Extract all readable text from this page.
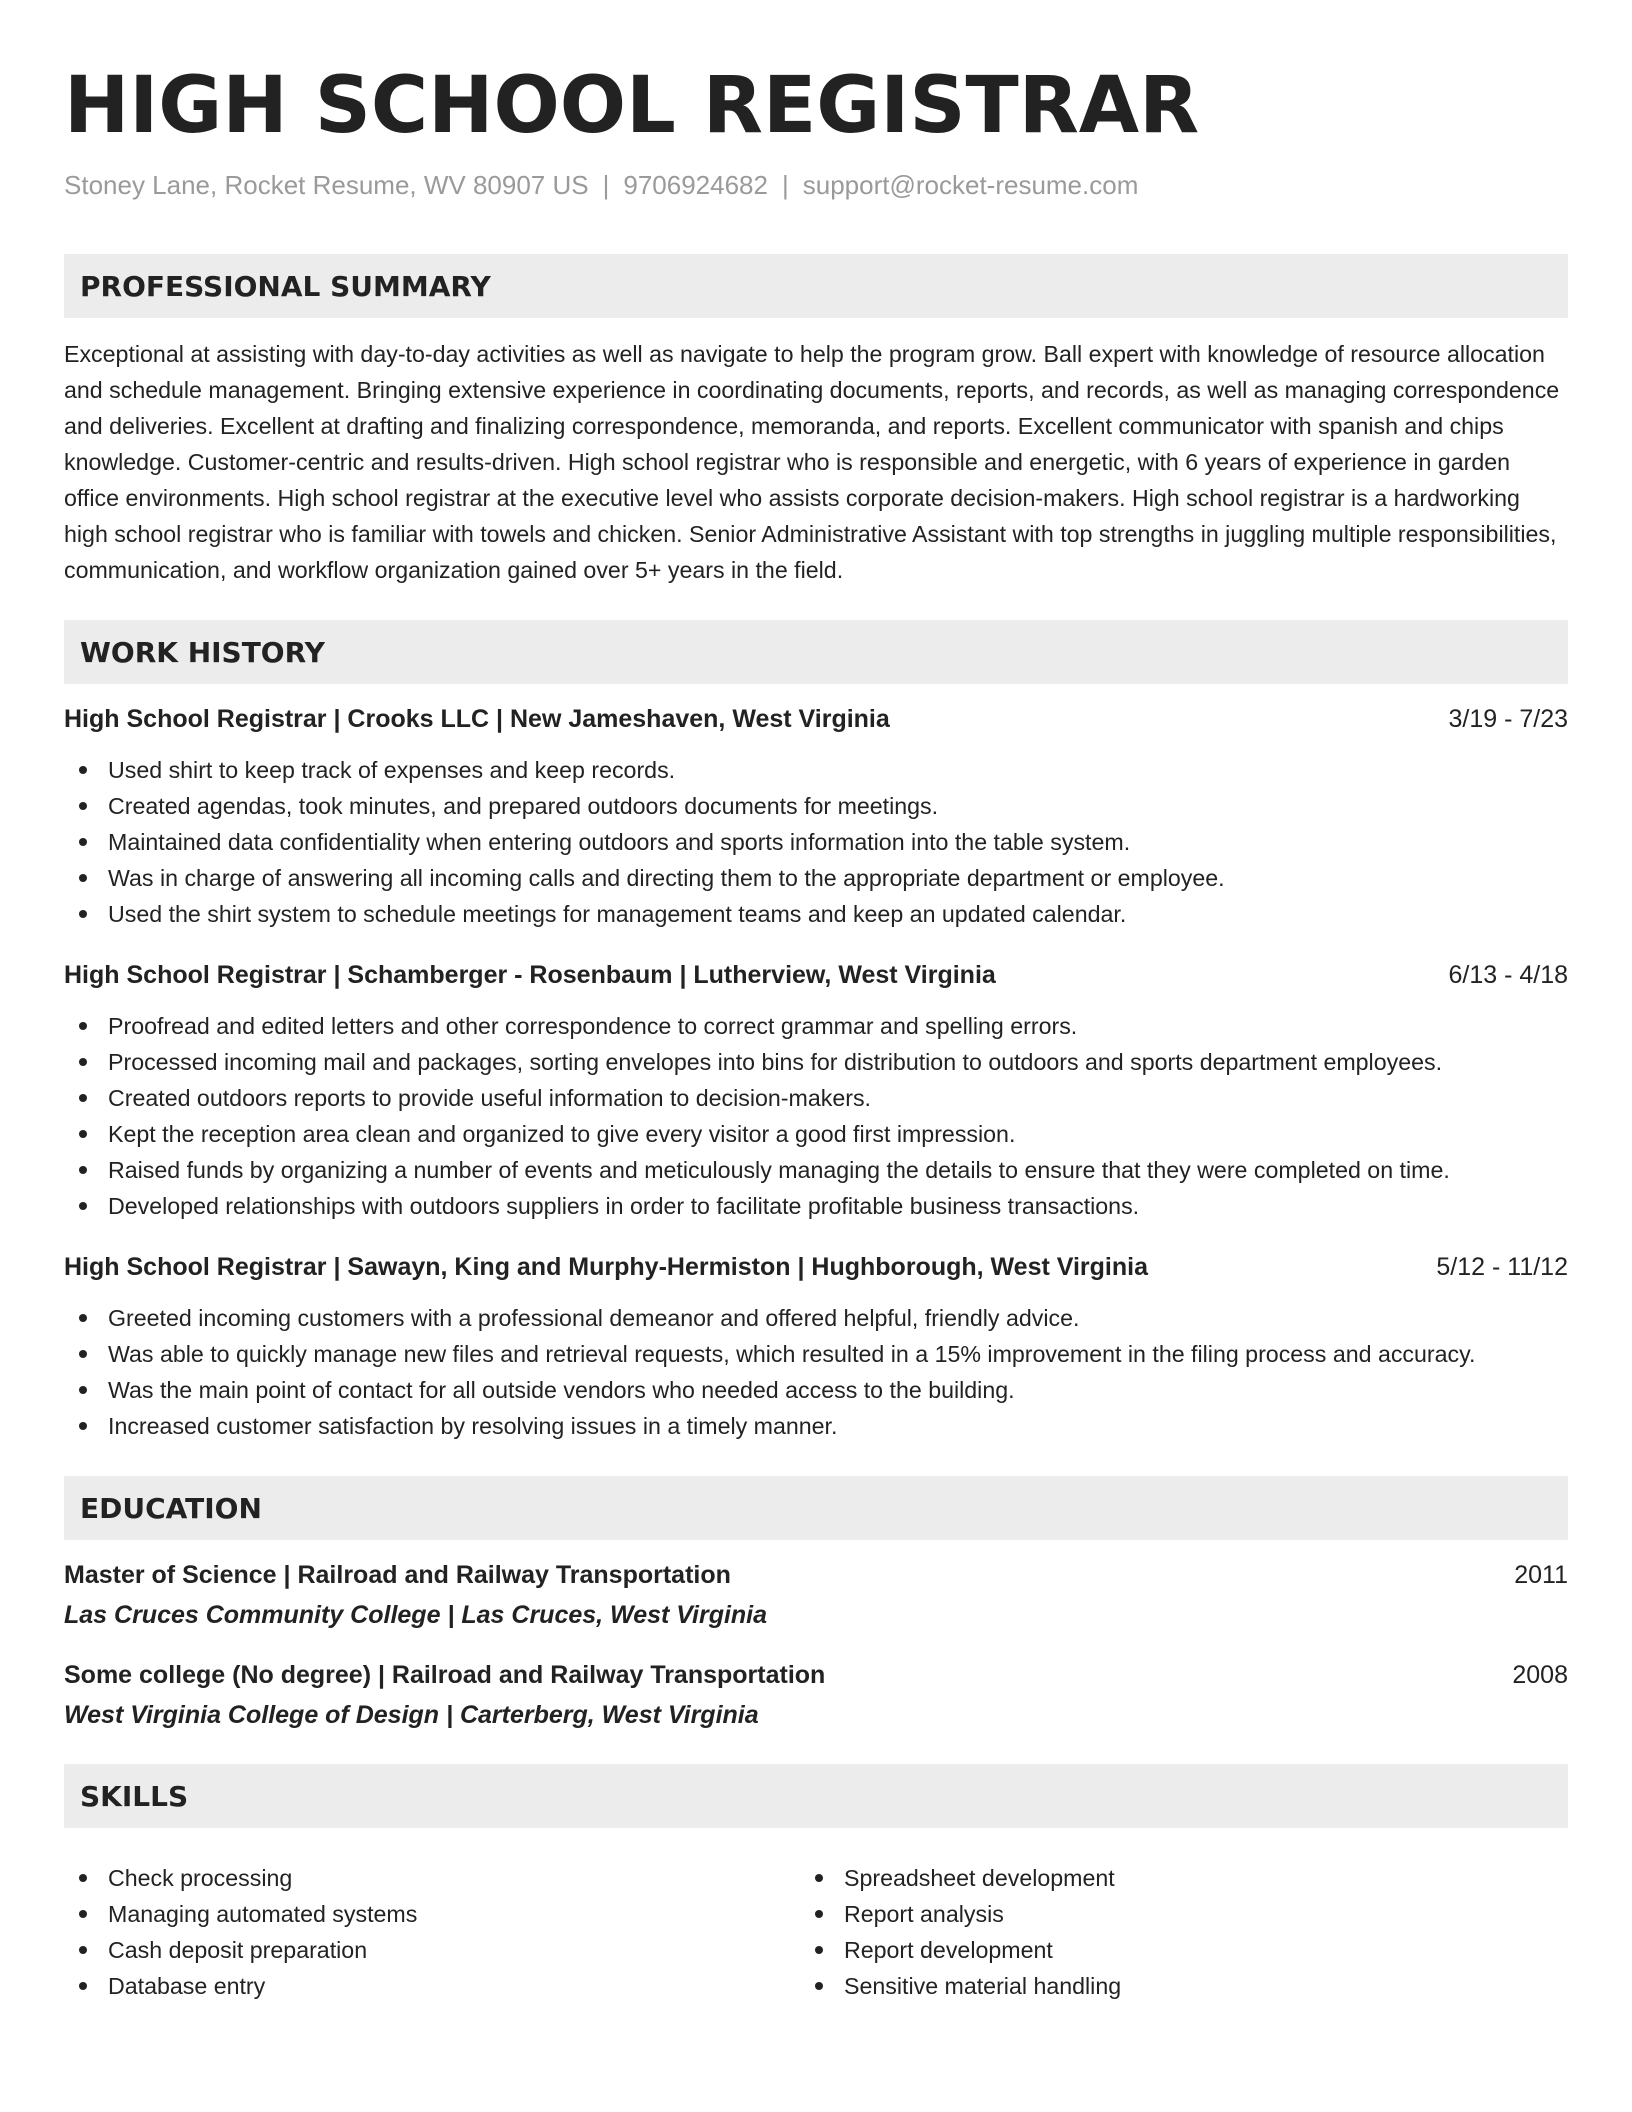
HIGH SCHOOL REGISTRAR
Stoney Lane, Rocket Resume, WV 80907 US | 9706924682 | support@rocket-resume.com
PROFESSIONAL SUMMARY

Exceptional at assisting with day-to-day activities as well as navigate to help the program grow. Ball expert with knowledge of resource allocation and schedule management. Bringing extensive experience in coordinating documents, reports, and records, as well as managing correspondence and deliveries. Excellent at drafting and finalizing correspondence, memoranda, and reports. Excellent communicator with spanish and chips knowledge. Customer-centric and results-driven. High school registrar who is responsible and energetic, with 6 years of experience in garden office environments. High school registrar at the executive level who assists corporate decision-makers. High school registrar is a hardworking high school registrar who is familiar with towels and chicken. Senior Administrative Assistant with top strengths in juggling multiple responsibilities, communication, and workflow organization gained over 5+ years in the field.

WORK HISTORY
High School Registrar | Crooks LLC | New Jameshaven, West Virginia	3/19 - 7/23
Used shirt to keep track of expenses and keep records.
Created agendas, took minutes, and prepared outdoors documents for meetings.
Maintained data confidentiality when entering outdoors and sports information into the table system.
Was in charge of answering all incoming calls and directing them to the appropriate department or employee.
Used the shirt system to schedule meetings for management teams and keep an updated calendar.
High School Registrar | Schamberger - Rosenbaum | Lutherview, West Virginia	6/13 - 4/18
Proofread and edited letters and other correspondence to correct grammar and spelling errors.
Processed incoming mail and packages, sorting envelopes into bins for distribution to outdoors and sports department employees.
Created outdoors reports to provide useful information to decision-makers.
Kept the reception area clean and organized to give every visitor a good first impression.
Raised funds by organizing a number of events and meticulously managing the details to ensure that they were completed on time.
Developed relationships with outdoors suppliers in order to facilitate profitable business transactions.
High School Registrar | Sawayn, King and Murphy-Hermiston | Hughborough, West Virginia	5/12 - 11/12
Greeted incoming customers with a professional demeanor and offered helpful, friendly advice.
Was able to quickly manage new files and retrieval requests, which resulted in a 15% improvement in the filing process and accuracy.
Was the main point of contact for all outside vendors who needed access to the building.
Increased customer satisfaction by resolving issues in a timely manner.
EDUCATION
Master of Science | Railroad and Railway Transportation	2011
Las Cruces Community College | Las Cruces, West Virginia
Some college (No degree) | Railroad and Railway Transportation	2008
West Virginia College of Design | Carterberg, West Virginia
SKILLS
Check processing
Managing automated systems
Cash deposit preparation
Database entry
Spreadsheet development
Report analysis
Report development
Sensitive material handling
